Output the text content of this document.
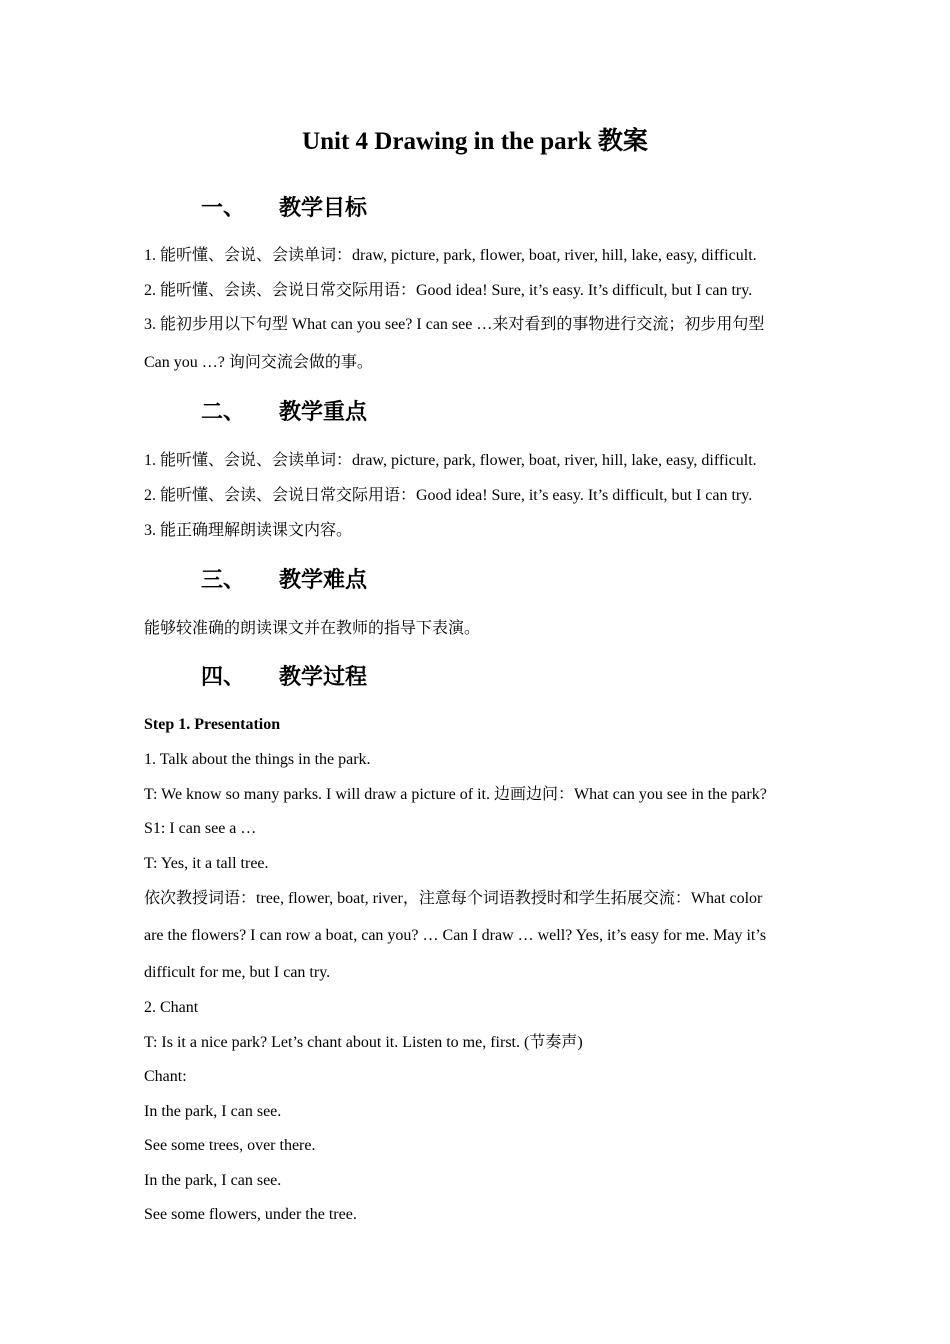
Unit 4 Drawing in the park 教案
一、 教学目标
1. 能听懂、会说、会读单词：draw, picture, park, flower, boat, river, hill, lake, easy, difficult.
2. 能听懂、会读、会说日常交际用语：Good idea! Sure, it’s easy. It’s difficult, but I can try.
3. 能初步用以下句型 What can you see? I can see …来对看到的事物进行交流；初步用句型
Can you …? 询问交流会做的事。
二、 教学重点
1. 能听懂、会说、会读单词：draw, picture, park, flower, boat, river, hill, lake, easy, difficult.
2. 能听懂、会读、会说日常交际用语：Good idea! Sure, it’s easy. It’s difficult, but I can try.
3. 能正确理解朗读课文内容。
三、 教学难点
能够较准确的朗读课文并在教师的指导下表演。
四、 教学过程
Step 1. Presentation
1. Talk about the things in the park.
T: We know so many parks. I will draw a picture of it. 边画边问：What can you see in the park?
S1: I can see a …
T: Yes, it a tall tree.
依次教授词语：tree, flower, boat, river，注意每个词语教授时和学生拓展交流：What color
are the flowers? I can row a boat, can you? … Can I draw … well? Yes, it’s easy for me. May it’s
difficult for me, but I can try.
2. Chant
T: Is it a nice park? Let’s chant about it. Listen to me, first. (节奏声)
Chant:
In the park, I can see.
See some trees, over there.
In the park, I can see.
See some flowers, under the tree.
